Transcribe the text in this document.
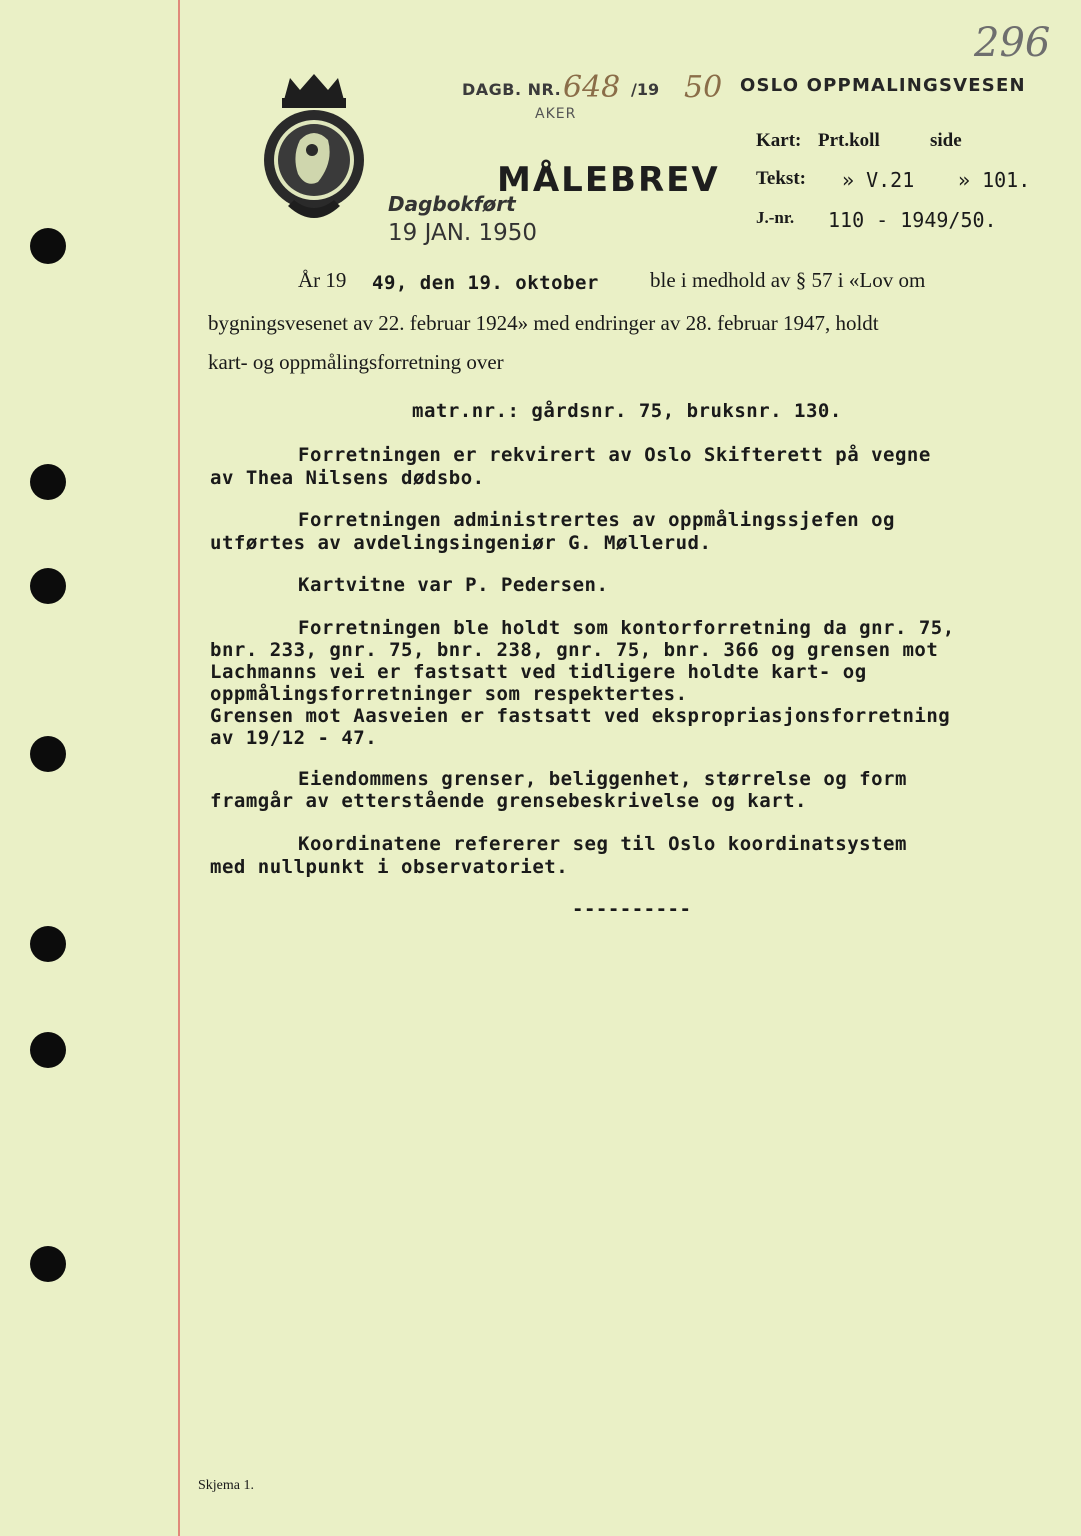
296
DAGB. NR. 648 /19 50 OSLO OPPMALINGSVESEN
AKER
MÅLEBREV
Dagbokført
19 JAN. 1950
Kart: Prt.koll	side
Tekst: » V.21 » 101.
J.-nr. 110 - 1949/50.
År 19 49, den 19. oktober ble i medhold av § 57 i «Lov om
bygningsvesenet av 22. februar 1924» med endringer av 28. februar 1947, holdt
kart- og oppmålingsforretning over
matr.nr.: gårdsnr. 75, bruksnr. 130.
Forretningen er rekvirert av Oslo Skifterett på vegne
av Thea Nilsens dødsbo.
Forretningen administrertes av oppmålingssjefen og
utførtes av avdelingsingeniør G. Møllerud.
Kartvitne var P. Pedersen.
Forretningen ble holdt som kontorforretning da gnr. 75,
bnr. 233, gnr. 75, bnr. 238, gnr. 75, bnr. 366 og grensen mot
Lachmanns vei er fastsatt ved tidligere holdte kart- og
oppmålingsforretninger som respektertes.
Grensen mot Aasveien er fastsatt ved ekspropriasjonsforretning
av 19/12 - 47.
Eiendommens grenser, beliggenhet, størrelse og form
framgår av etterstående grensebeskrivelse og kart.
Koordinatene refererer seg til Oslo koordinatsystem
med nullpunkt i observatoriet.
----------
Skjema 1.
